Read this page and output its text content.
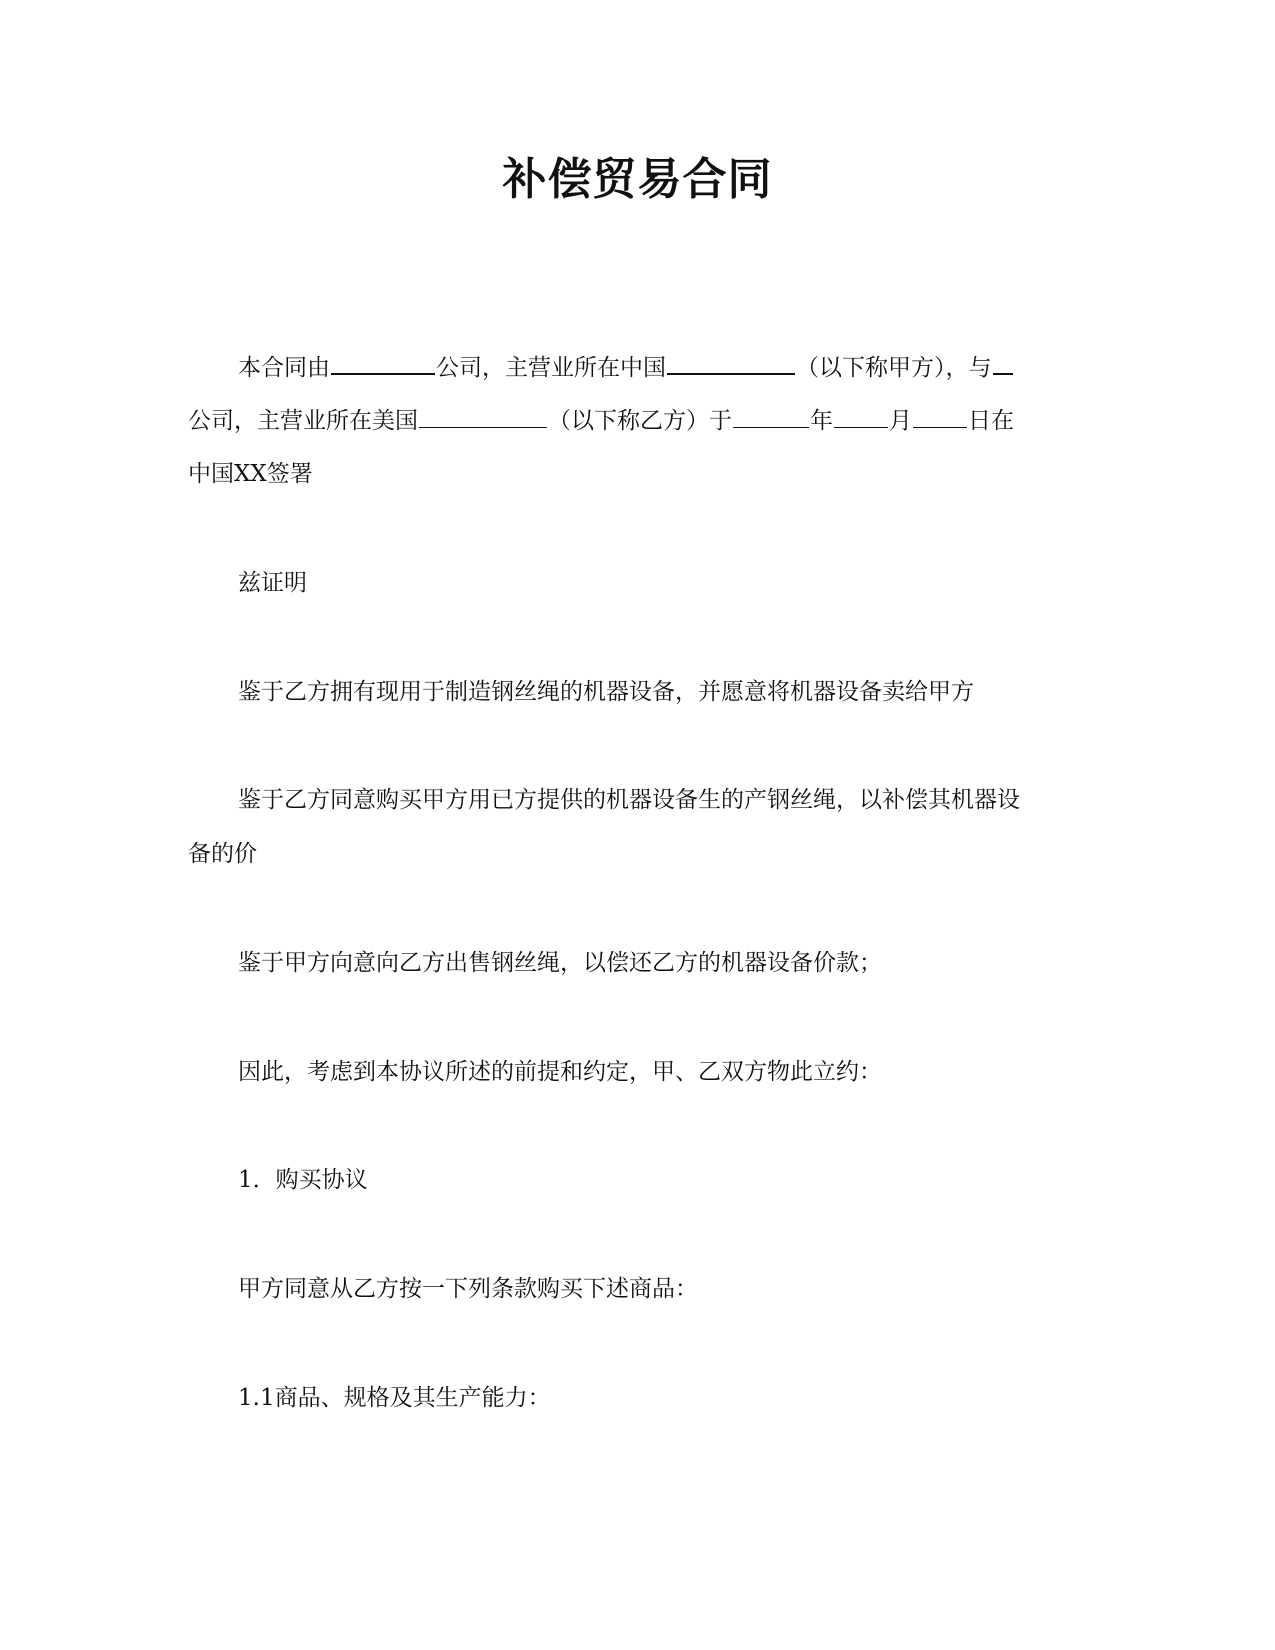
补偿贸易合同
本合同由	公司，主营业所在中国	（以下称甲方），与
公司，主营业所在美国	（以下称乙方）于	年 月 日在
中国XX签署
兹证明
鉴于乙方拥有现用于制造钢丝绳的机器设备，并愿意将机器设备卖给甲方
鉴于乙方同意购买甲方用已方提供的机器设备生的产钢丝绳，以补偿其机器设
备的价
鉴于甲方向意向乙方出售钢丝绳，以偿还乙方的机器设备价款；
因此，考虑到本协议所述的前提和约定，甲、乙双方物此立约：
1．购买协议
甲方同意从乙方按一下列条款购买下述商品：
1.1商品、规格及其生产能力：
